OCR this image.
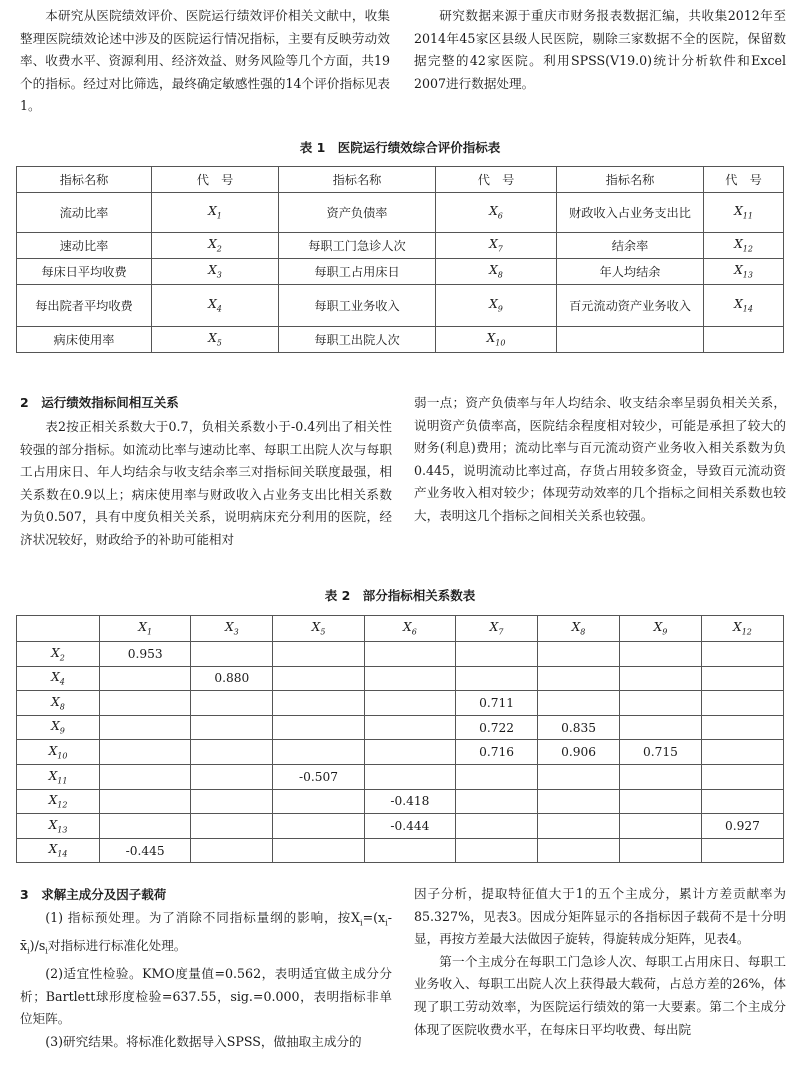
本研究从医院绩效评价、医院运行绩效评价相关文献中，收集整理医院绩效论述中涉及的医院运行情况指标，主要有反映劳动效率、收费水平、资源利用、经济效益、财务风险等几个方面，共19个的指标。经过对比筛选，最终确定敏感性强的14个评价指标见表1。

研究数据来源于重庆市财务报表数据汇编，共收集2012年至2014年45家区县级人民医院，剔除三家数据不全的医院，保留数据完整的42家医院。利用SPSS(V19.0)统计分析软件和Excel 2007进行数据处理。

表 1　医院运行绩效综合评价指标表
指标名称	代　号	指标名称	代　号	指标名称	代　号
流动比率	$X_1$	资产负债率	$X_6$	财政收入占业务支出比	$X_{11}$
速动比率	$X_2$	每职工门急诊人次	$X_7$	结余率	$X_{12}$
每床日平均收费	$X_3$	每职工占用床日	$X_8$	年人均结余	$X_{13}$
每出院者平均收费	$X_4$	每职工业务收入	$X_9$	百元流动资产业务收入	$X_{14}$
病床使用率	$X_5$	每职工出院人次	$X_{10}$		

2　运行绩效指标间相互关系

表2按正相关系数大于0.7，负相关系数小于-0.4列出了相关性较强的部分指标。如流动比率与速动比率、每职工出院人次与每职工占用床日、年人均结余与收支结余率三对指标间关联度最强，相关系数在0.9以上；病床使用率与财政收入占业务支出比相关系数为负0.507，具有中度负相关关系，说明病床充分利用的医院，经济状况较好，财政给予的补助可能相对

弱一点；资产负债率与年人均结余、收支结余率呈弱负相关关系，说明资产负债率高，医院结余程度相对较少，可能是承担了较大的财务(利息)费用；流动比率与百元流动资产业务收入相关系数为负0.445，说明流动比率过高，存货占用较多资金，导致百元流动资产业务收入相对较少；体现劳动效率的几个指标之间相关系数也较大，表明这几个指标之间相关关系也较强。

表 2　部分指标相关系数表
	$X_1$	$X_3$	$X_5$	$X_6$	$X_7$	$X_8$	$X_9$	$X_{12}$
$X_2$	0.953							
$X_4$		0.880						
$X_8$					0.711			
$X_9$					0.722	0.835		
$X_{10}$					0.716	0.906	0.715	
$X_{11}$			-0.507					
$X_{12}$				-0.418				
$X_{13}$				-0.444				0.927
$X_{14}$	-0.445							

3　求解主成分及因子载荷

(1) 指标预处理。为了消除不同指标量纲的影响，按$X_i=(x_i-x̄_i)/s_i$对指标进行标准化处理。

(2)适宜性检验。KMO度量值=0.562，表明适宜做主成分分析；Bartlett球形度检验=637.55，sig.=0.000，表明指标非单位矩阵。

(3)研究结果。将标准化数据导入SPSS，做抽取主成分的

因子分析，提取特征值大于1的五个主成分，累计方差贡献率为85.327%，见表3。因成分矩阵显示的各指标因子载荷不是十分明显，再按方差最大法做因子旋转，得旋转成分矩阵，见表4。

第一个主成分在每职工门急诊人次、每职工占用床日、每职工业务收入、每职工出院人次上获得最大载荷，占总方差的26%，体现了职工劳动效率，为医院运行绩效的第一大要素。第二个主成分体现了医院收费水平，在每床日平均收费、每出院
